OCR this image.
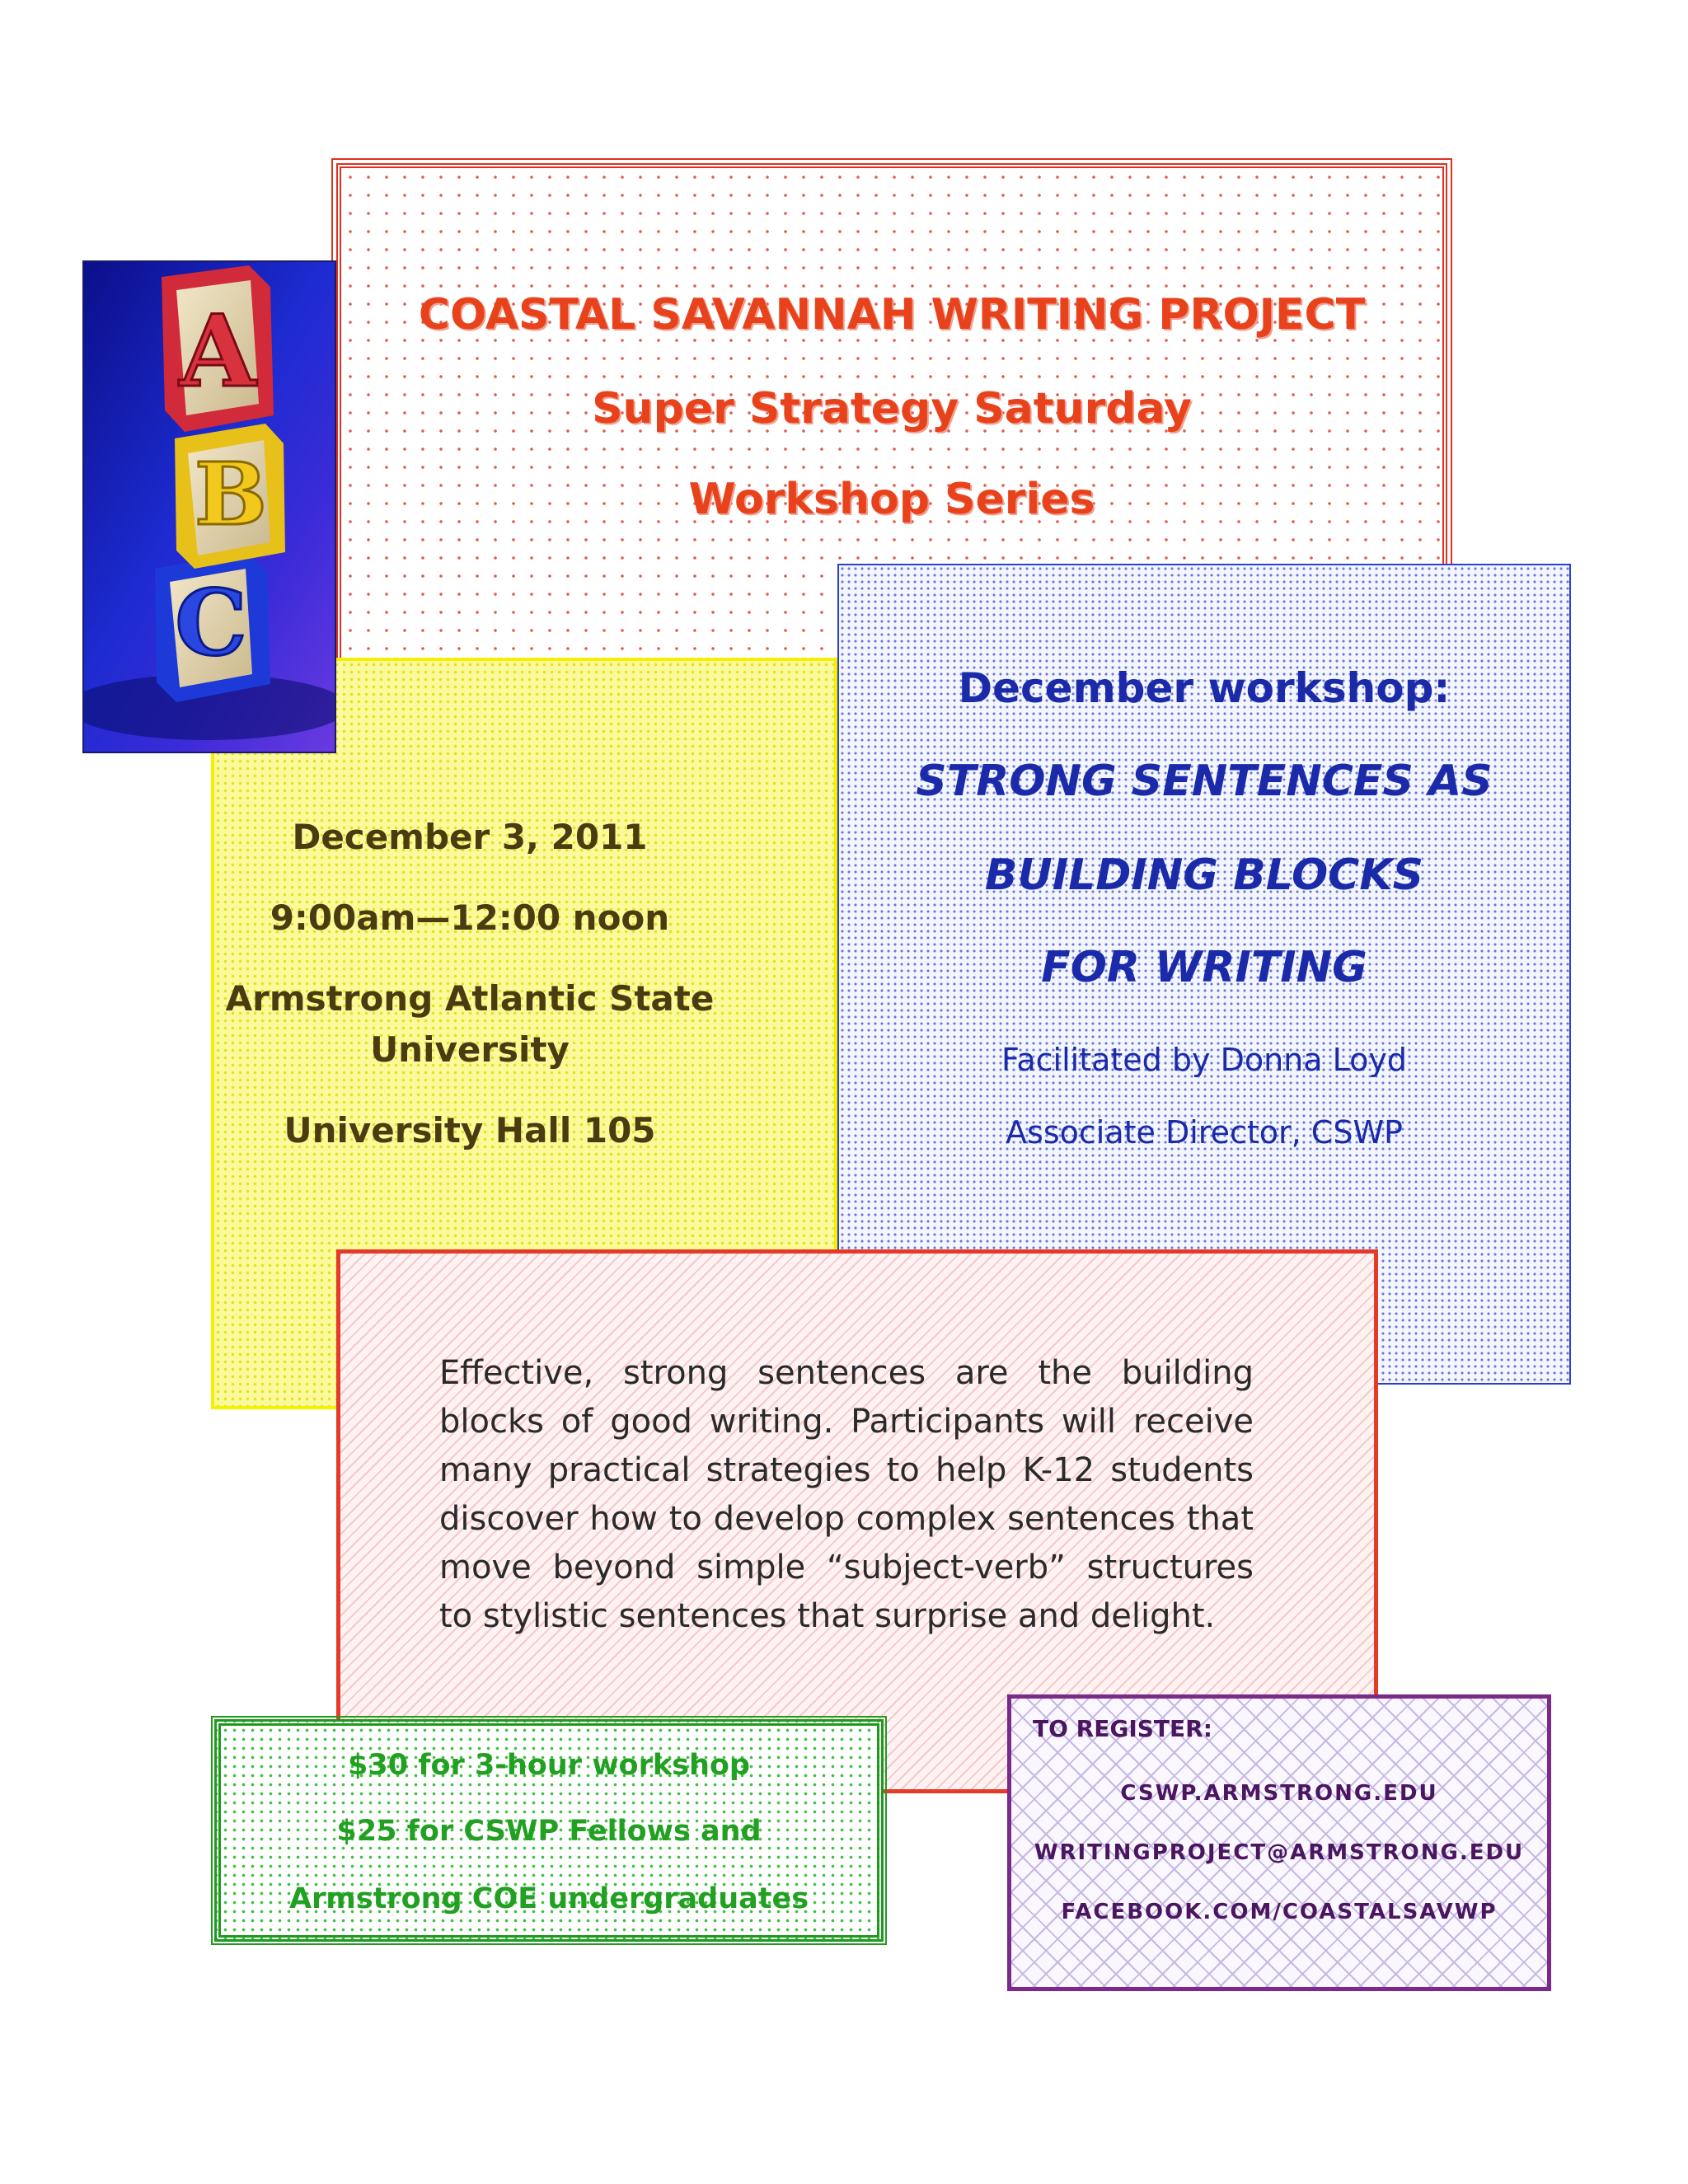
COASTAL SAVANNAH WRITING PROJECT
Super Strategy Saturday
Workshop Series
December 3, 2011
9:00am—12:00 noon
Armstrong Atlantic State
University
University Hall 105
December workshop:
STRONG SENTENCES AS
BUILDING BLOCKS
FOR WRITING
Facilitated by Donna Loyd
Associate Director, CSWP
C
B
A
Effective, strong sentences are the building blocks of good writing. Participants will receive many practical strategies to help K-12 students discover how to develop complex sentences that move beyond simple “subject-verb” structures to stylistic sentences that surprise and delight.
$30 for 3-hour workshop
$25 for CSWP Fellows and
Armstrong COE undergraduates
TO REGISTER:
CSWP.ARMSTRONG.EDU
WRITINGPROJECT@ARMSTRONG.EDU
FACEBOOK.COM/COASTALSAVWP
